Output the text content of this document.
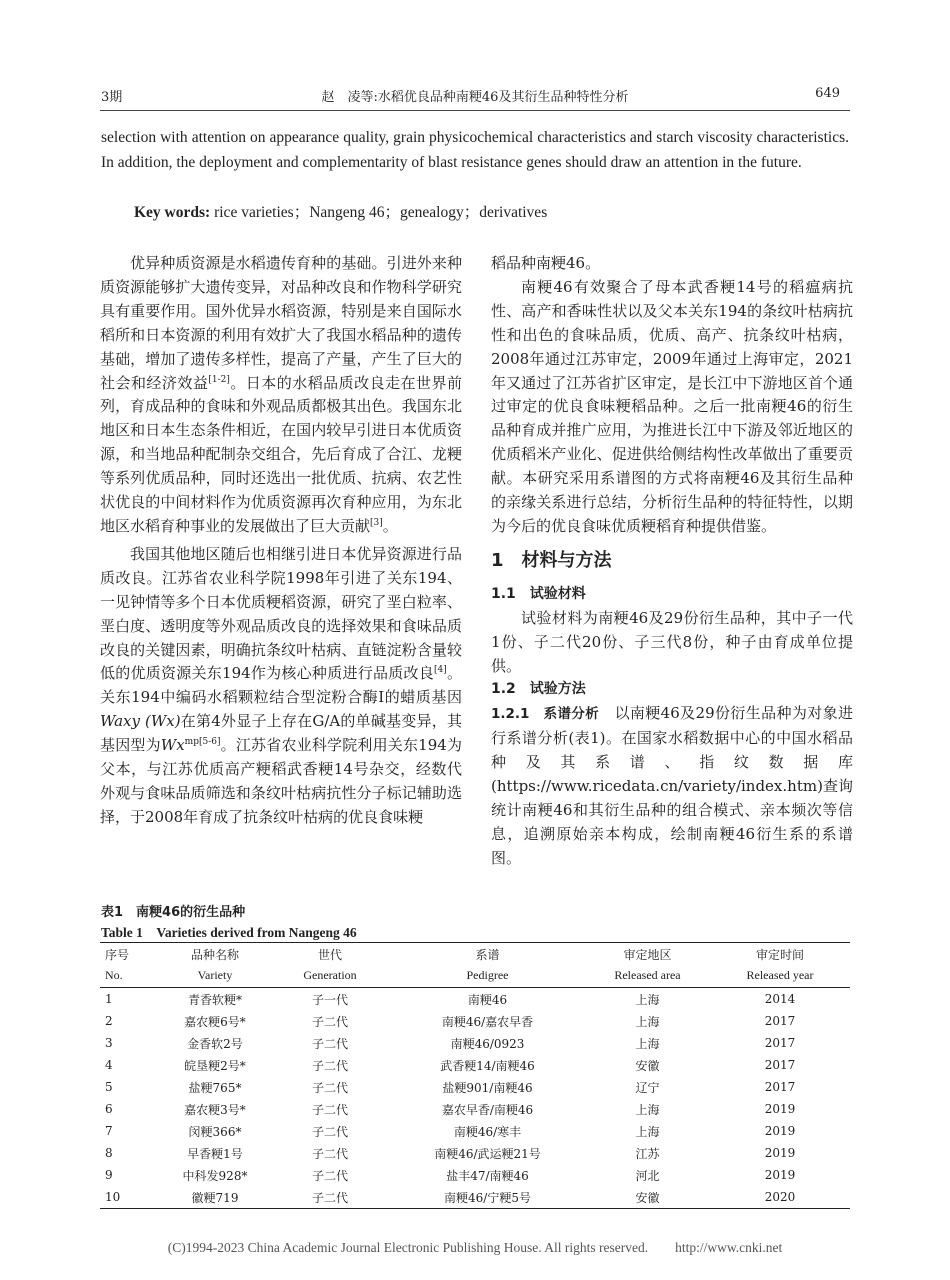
3期	赵　凌等:水稻优良品种南粳46及其衍生品种特性分析	649
selection with attention on appearance quality, grain physicochemical characteristics and starch viscosity characteristics. In addition, the deployment and complementarity of blast resistance genes should draw an attention in the future.
Key words: rice varieties；Nangeng 46；genealogy；derivatives

优异种质资源是水稻遗传育种的基础。引进外来种质资源能够扩大遗传变异，对品种改良和作物科学研究具有重要作用。国外优异水稻资源，特别是来自国际水稻所和日本资源的利用有效扩大了我国水稻品种的遗传基础，增加了遗传多样性，提高了产量，产生了巨大的社会和经济效益[1-2]。日本的水稻品质改良走在世界前列，育成品种的食味和外观品质都极其出色。我国东北地区和日本生态条件相近，在国内较早引进日本优质资源，和当地品种配制杂交组合，先后育成了合江、龙粳等系列优质品种，同时还选出一批优质、抗病、农艺性状优良的中间材料作为优质资源再次育种应用，为东北地区水稻育种事业的发展做出了巨大贡献[3]。

我国其他地区随后也相继引进日本优异资源进行品质改良。江苏省农业科学院1998年引进了关东194、一见钟情等多个日本优质粳稻资源，研究了垩白粒率、垩白度、透明度等外观品质改良的选择效果和食味品质改良的关键因素，明确抗条纹叶枯病、直链淀粉含量较低的优质资源关东194作为核心种质进行品质改良[4]。关东194中编码水稻颗粒结合型淀粉合酶I的蜡质基因Waxy (Wx)在第4外显子上存在G/A的单碱基变异，其基因型为$Wx^{mp[5-6]}$。江苏省农业科学院利用关东194为父本，与江苏优质高产粳稻武香粳14号杂交，经数代外观与食味品质筛选和条纹叶枯病抗性分子标记辅助选择，于2008年育成了抗条纹叶枯病的优良食味粳

稻品种南粳46。

南粳46有效聚合了母本武香粳14号的稻瘟病抗性、高产和香味性状以及父本关东194的条纹叶枯病抗性和出色的食味品质，优质、高产、抗条纹叶枯病，2008年通过江苏审定，2009年通过上海审定，2021年又通过了江苏省扩区审定，是长江中下游地区首个通过审定的优良食味粳稻品种。之后一批南粳46的衍生品种育成并推广应用，为推进长江中下游及邻近地区的优质稻米产业化、促进供给侧结构性改革做出了重要贡献。本研究采用系谱图的方式将南粳46及其衍生品种的亲缘关系进行总结，分析衍生品种的特征特性，以期为今后的优良食味优质粳稻育种提供借鉴。

1　材料与方法
1.1　试验材料

试验材料为南粳46及29份衍生品种，其中子一代1份、子二代20份、子三代8份，种子由育成单位提供。

1.2　试验方法

1.2.1　系谱分析　 以南粳46及29份衍生品种为对象进行系谱分析(表1)。在国家水稻数据中心的中国水稻品种及其系谱、指纹数据库(https://www.ricedata.cn/variety/index.htm)查询统计南粳46和其衍生品种的组合模式、亲本频次等信息，追溯原始亲本构成，绘制南粳46衍生系的系谱图。

表1　南粳46的衍生品种
Table 1　Varieties derived from Nangeng 46
序号	品种名称	世代	系谱	审定地区	审定时间
No.	Variety	Generation	Pedigree	Released area	Released year
1	青香软粳*	子一代	南粳46	上海	2014
2	嘉农粳6号*	子二代	南粳46/嘉农早香	上海	2017
3	金香软2号	子二代	南粳46/0923	上海	2017
4	皖垦粳2号*	子二代	武香粳14/南粳46	安徽	2017
5	盐粳765*	子二代	盐粳901/南粳46	辽宁	2017
6	嘉农粳3号*	子二代	嘉农早香/南粳46	上海	2019
7	闵粳366*	子二代	南粳46/寒丰	上海	2019
8	早香粳1号	子二代	南粳46/武运粳21号	江苏	2019
9	中科发928*	子二代	盐丰47/南粳46	河北	2019
10	徽粳719	子二代	南粳46/宁粳5号	安徽	2020
(C)1994-2023 China Academic Journal Electronic Publishing House. All rights reserved.　　http://www.cnki.net
